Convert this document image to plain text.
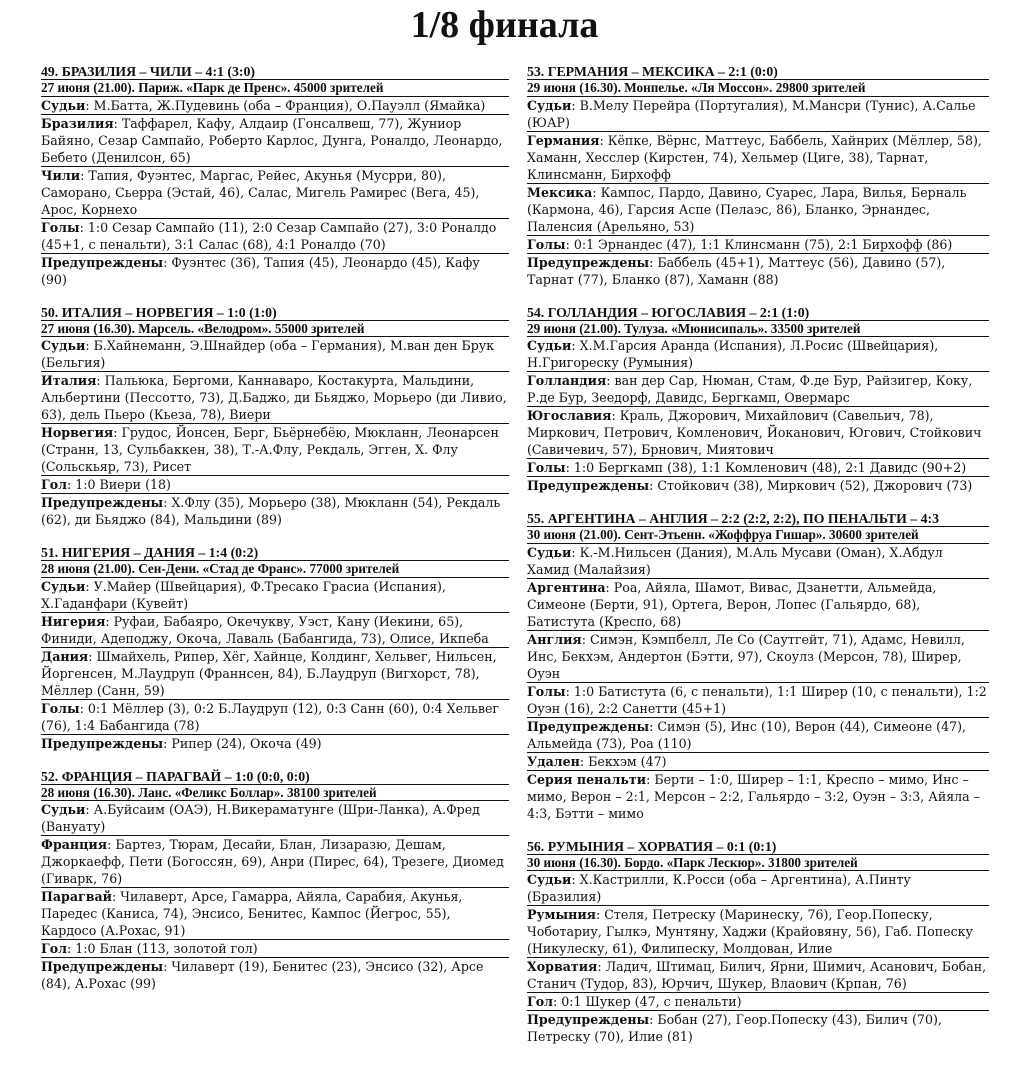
1/8 финала
49. БРАЗИЛИЯ – ЧИЛИ – 4:1 (3:0)
27 июня (21.00). Париж. «Парк де Пренс». 45000 зрителей
Судьи : М.Батта, Ж.Пудевинь (оба – Франция), О.Пауэлл (Ямайка)
Бразилия : Таффарел, Кафу, Алдаир (Гонсалвеш, 77), Жуниор Байяно, Сезар Сампайо, Роберто Карлос, Дунга, Роналдо, Леонардо, Бебето (Денилсон, 65)
Чили : Тапия, Фуэнтес, Маргас, Рейес, Акунья (Мусрри, 80), Саморано, Сьерра (Эстай, 46), Салас, Мигель Рамирес (Вега, 45), Арос, Корнехо
Голы : 1:0 Сезар Сампайо (11), 2:0 Сезар Сампайо (27), 3:0 Роналдо (45+1, с пенальти), 3:1 Салас (68), 4:1 Роналдо (70)
Предупреждены : Фуэнтес (36), Тапия (45), Леонардо (45), Кафу (90)
50. ИТАЛИЯ – НОРВЕГИЯ – 1:0 (1:0)
27 июня (16.30). Марсель. «Велодром». 55000 зрителей
Судьи : Б.Хайнеманн, Э.Шнайдер (оба – Германия), М.ван ден Брук (Бельгия)
Италия : Пальюка, Бергоми, Каннаваро, Костакурта, Мальдини, Альбертини (Пессотто, 73), Д.Баджо, ди Бьяджо, Морьеро (ди Ливио, 63), дель Пьеро (Кьеза, 78), Виери
Норвегия : Грудос, Йонсен, Берг, Бьёрнебёю, Мюкланн, Леонарсен (Странн, 13, Сульбаккен, 38), Т.-А.Флу, Рекдаль, Эгген, Х. Флу (Сольскьяр, 73), Рисет
Гол : 1:0 Виери (18)
Предупреждены : Х.Флу (35), Морьеро (38), Мюкланн (54), Рекдаль (62), ди Бьяджо (84), Мальдини (89)
51. НИГЕРИЯ – ДАНИЯ – 1:4 (0:2)
28 июня (21.00). Сен-Дени. «Стад де Франс». 77000 зрителей
Судьи : У.Майер (Швейцария), Ф.Тресако Грасиа (Испания), Х.Гаданфари (Кувейт)
Нигерия : Руфаи, Бабаяро, Окечукву, Уэст, Кану (Иекини, 65), Финиди, Адеподжу, Окоча, Лаваль (Бабангида, 73), Олисе, Икпеба
Дания : Шмайхель, Рипер, Хёг, Хайнце, Колдинг, Хельвег, Нильсен, Йоргенсен, М.Лаудруп (Франнсен, 84), Б.Лаудруп (Вигхорст, 78), Мёллер (Санн, 59)
Голы : 0:1 Мёллер (3), 0:2 Б.Лаудруп (12), 0:3 Санн (60), 0:4 Хельвег (76), 1:4 Бабангида (78)
Предупреждены : Рипер (24), Окоча (49)
52. ФРАНЦИЯ – ПАРАГВАЙ – 1:0 (0:0, 0:0)
28 июня (16.30). Ланс. «Феликс Боллар». 38100 зрителей
Судьи : А.Буйсаим (ОАЭ), Н.Викераматунге (Шри-Ланка), А.Фред (Вануату)
Франция : Бартез, Тюрам, Десайи, Блан, Лизаразю, Дешам, Джоркаефф, Пети (Богоссян, 69), Анри (Пирес, 64), Трезеге, Диомед (Гиварк, 76)
Парагвай : Чилаверт, Арсе, Гамарра, Айяла, Сарабия, Акунья, Паредес (Каниса, 74), Энсисо, Бенитес, Кампос (Йегрос, 55), Кардосо (А.Рохас, 91)
Гол : 1:0 Блан (113, золотой гол)
Предупреждены : Чилаверт (19), Бенитес (23), Энсисо (32), Арсе (84), А.Рохас (99)
53. ГЕРМАНИЯ – МЕКСИКА – 2:1 (0:0)
29 июня (16.30). Монпелье. «Ля Моссон». 29800 зрителей
Судьи : В.Мелу Перейра (Португалия), М.Мансри (Тунис), А.Салье (ЮАР)
Германия : Кёпке, Вёрнс, Маттеус, Баббель, Хайнрих (Мёллер, 58), Хаманн, Хесслер (Кирстен, 74), Хельмер (Циге, 38), Тарнат, Клинсманн, Бирхофф
Мексика : Кампос, Пардо, Давино, Суарес, Лара, Вилья, Берналь (Кармона, 46), Гарсия Аспе (Пелаэс, 86), Бланко, Эрнандес, Паленсия (Арельяно, 53)
Голы : 0:1 Эрнандес (47), 1:1 Клинсманн (75), 2:1 Бирхофф (86)
Предупреждены : Баббель (45+1), Маттеус (56), Давино (57), Тарнат (77), Бланко (87), Хаманн (88)
54. ГОЛЛАНДИЯ – ЮГОСЛАВИЯ – 2:1 (1:0)
29 июня (21.00). Тулуза. «Мюнисипаль». 33500 зрителей
Судьи : Х.М.Гарсия Аранда (Испания), Л.Росис (Швейцария), Н.Григореску (Румыния)
Голландия : ван дер Сар, Нюман, Стам, Ф.де Бур, Райзигер, Коку, Р.де Бур, Зеедорф, Давидс, Бергкамп, Овермарс
Югославия : Краль, Джорович, Михайлович (Савельич, 78), Миркович, Петрович, Комленович, Йоканович, Югович, Стойкович (Савичевич, 57), Брнович, Миятович
Голы : 1:0 Бергкамп (38), 1:1 Комленович (48), 2:1 Давидс (90+2)
Предупреждены : Стойкович (38), Миркович (52), Джорович (73)
55. АРГЕНТИНА – АНГЛИЯ – 2:2 (2:2, 2:2), ПО ПЕНАЛЬТИ – 4:3
30 июня (21.00). Сент-Этьенн. «Жоффруа Гишар». 30600 зрителей
Судьи : К.-М.Нильсен (Дания), М.Аль Мусави (Оман), Х.Абдул Хамид (Малайзия)
Аргентина : Роа, Айяла, Шамот, Вивас, Дзанетти, Альмейда, Симеоне (Берти, 91), Ортега, Верон, Лопес (Гальярдо, 68), Батистута (Креспо, 68)
Англия : Симэн, Кэмпбелл, Ле Со (Саутгейт, 71), Адамс, Невилл, Инс, Бекхэм, Андертон (Бэтти, 97), Скоулз (Мерсон, 78), Ширер, Оуэн
Голы : 1:0 Батистута (6, с пенальти), 1:1 Ширер (10, с пенальти), 1:2 Оуэн (16), 2:2 Санетти (45+1)
Предупреждены : Симэн (5), Инс (10), Верон (44), Симеоне (47), Альмейда (73), Роа (110)
Удален : Бекхэм (47)
Серия пенальти : Берти – 1:0, Ширер – 1:1, Креспо – мимо, Инс – мимо, Верон – 2:1, Мерсон – 2:2, Гальярдо – 3:2, Оуэн – 3:3, Айяла – 4:3, Бэтти – мимо
56. РУМЫНИЯ – ХОРВАТИЯ – 0:1 (0:1)
30 июня (16.30). Бордо. «Парк Лескюр». 31800 зрителей
Судьи : Х.Кастрилли, К.Росси (оба – Аргентина), А.Пинту (Бразилия)
Румыния : Стеля, Петреску (Маринеску, 76), Геор.Попеску, Чоботариу, Гылкэ, Мунтяну, Хаджи (Крайовяну, 56), Габ. Попеску (Никулеску, 61), Филипеску, Молдован, Илие
Хорватия : Ладич, Штимац, Билич, Ярни, Шимич, Асанович, Бобан, Станич (Тудор, 83), Юрчич, Шукер, Влаович (Крпан, 76)
Гол : 0:1 Шукер (47, с пенальти)
Предупреждены : Бобан (27), Геор.Попеску (43), Билич (70), Петреску (70), Илие (81)
